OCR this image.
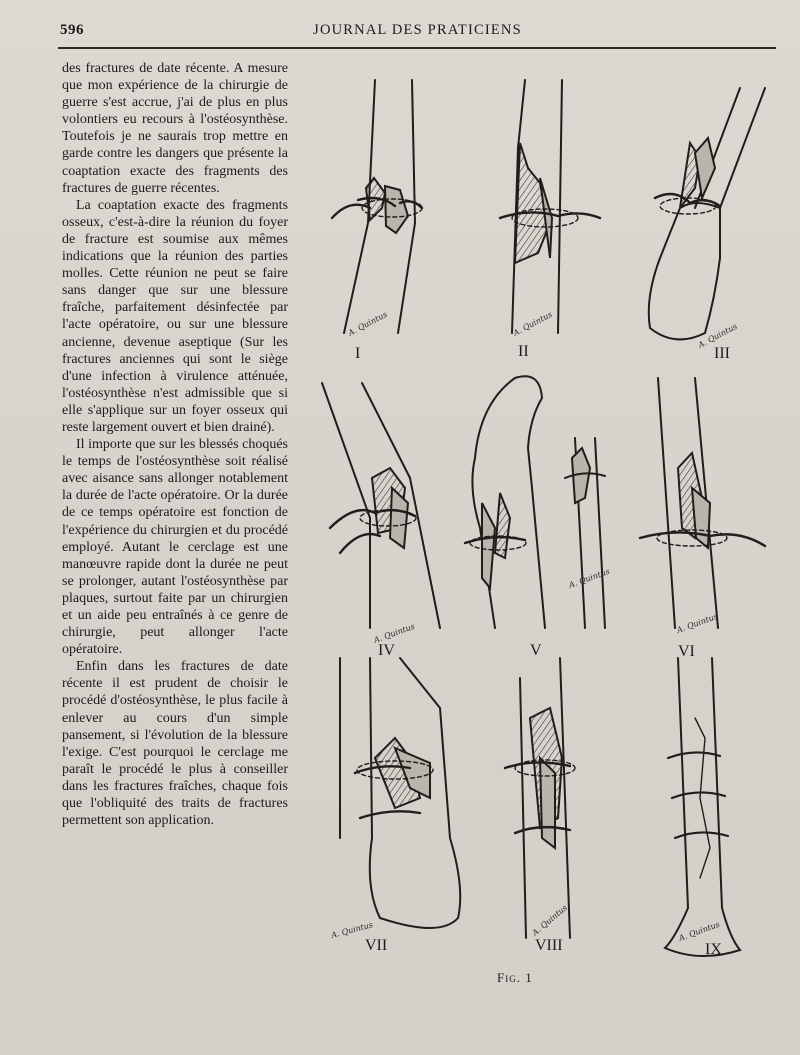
596	JOURNAL DES PRATICIENS

des fractures de date récente. A mesure que mon expérience de la chirurgie de guerre s'est accrue, j'ai de plus en plus volontiers eu recours à l'ostéosynthèse. Toutefois je ne saurais trop mettre en garde contre les dangers que présente la coaptation exacte des fragments des fractures de guerre récentes.

La coaptation exacte des fragments osseux, c'est-à-dire la réunion du foyer de fracture est soumise aux mêmes indications que la réunion des parties molles. Cette réunion ne peut se faire sans danger que sur une blessure fraîche, parfaitement désinfectée par l'acte opératoire, ou sur une blessure ancienne, devenue aseptique (Sur les fractures anciennes qui sont le siège d'une infection à virulence atténuée, l'ostéosynthèse n'est admissible que si elle s'applique sur un foyer osseux qui reste largement ouvert et bien drainé).

Il importe que sur les blessés choqués le temps de l'ostéosynthèse soit réalisé avec aisance sans allonger notablement la durée de l'acte opératoire. Or la durée de ce temps opératoire est fonction de l'expérience du chirurgien et du procédé employé. Autant le cerclage est une manœuvre rapide dont la durée ne peut se prolonger, autant l'ostéosynthèse par plaques, surtout faite par un chirurgien et un aide peu entraînés à ce genre de chirurgie, peut allonger l'acte opératoire.

Enfin dans les fractures de date récente il est prudent de choisir le procédé d'ostéosynthèse, le plus facile à enlever au cours d'un simple pansement, si l'évolution de la blessure l'exige. C'est pourquoi le cerclage me paraît le procédé le plus à conseiller dans les fractures fraîches, chaque fois que l'obliquité des traits de fractures permettent son application.

A. Quintus	A. Quintus	A. Quintus
A. Quintus
A. Quintus
A. Quintus
A. Quintus	A. Quintus	A. Quintus
I	II	III
IV	V	VI
VII	VIII	IX
Fig. 1
